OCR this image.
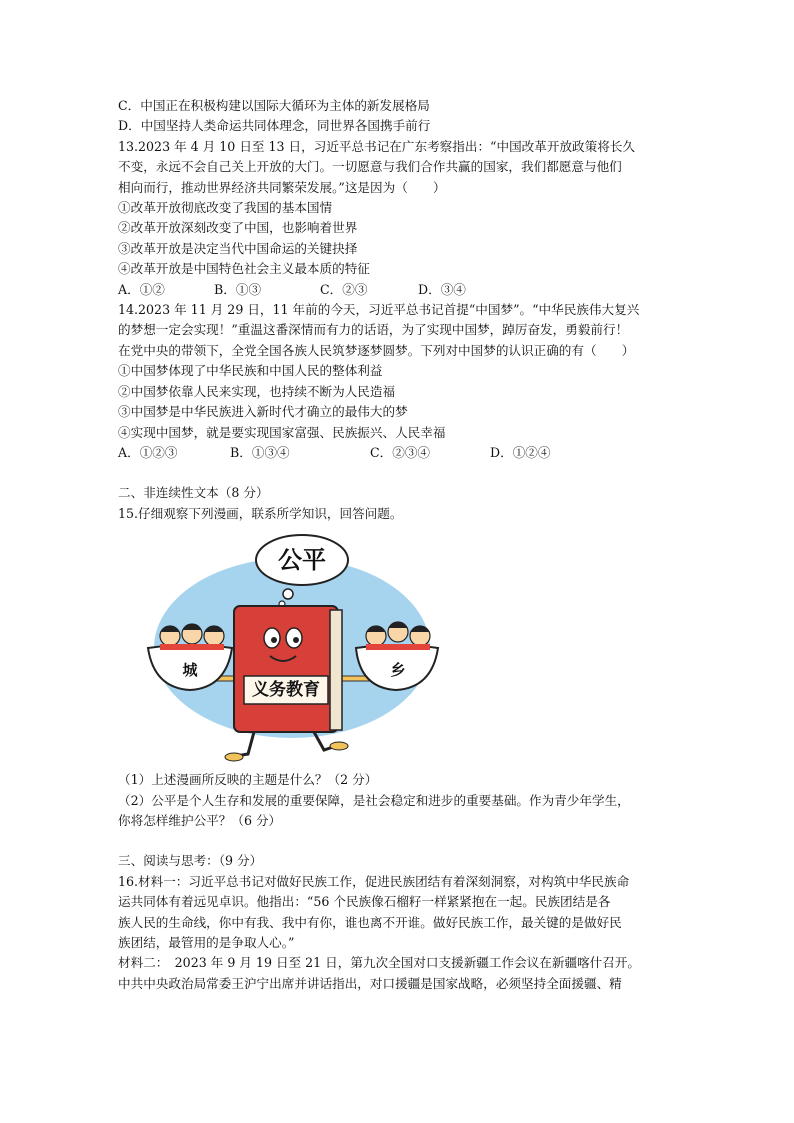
C．中国正在积极构建以国际大循环为主体的新发展格局

D．中国坚持人类命运共同体理念，同世界各国携手前行

13.2023 年 4 月 10 日至 13 日，习近平总书记在广东考察指出：“中国改革开放政策将长久

不变，永远不会自己关上开放的大门。一切愿意与我们合作共赢的国家，我们都愿意与他们

相向而行，推动世界经济共同繁荣发展。”这是因为（　　）

①改革开放彻底改变了我国的基本国情

②改革开放深刻改变了中国，也影响着世界

③改革开放是决定当代中国命运的关键抉择

④改革开放是中国特色社会主义最本质的特征

A．①②	B．①③	C．②③	D．③④

14.2023 年 11 月 29 日，11 年前的今天，习近平总书记首提“中国梦”。“中华民族伟大复兴

的梦想一定会实现！”重温这番深情而有力的话语，为了实现中国梦，踔厉奋发，勇毅前行！

在党中央的带领下，全党全国各族人民筑梦逐梦圆梦。下列对中国梦的认识正确的有（　　）

①中国梦体现了中华民族和中国人民的整体利益

②中国梦依靠人民来实现，也持续不断为人民造福

③中国梦是中华民族进入新时代才确立的最伟大的梦

④实现中国梦，就是要实现国家富强、民族振兴、人民幸福

A．①②③	B．①③④	C．②③④	D．①②④

二、非连续性文本（8 分）

15.仔细观察下列漫画，联系所学知识，回答问题。

公平
义务教育
城	乡

（1）上述漫画所反映的主题是什么？（2 分）

（2）公平是个人生存和发展的重要保障，是社会稳定和进步的重要基础。作为青少年学生，

你将怎样维护公平？（6 分）

三、阅读与思考：（9 分）

16.材料一：习近平总书记对做好民族工作，促进民族团结有着深刻洞察，对构筑中华民族命

运共同体有着远见卓识。他指出：“56 个民族像石榴籽一样紧紧抱在一起。民族团结是各

族人民的生命线，你中有我、我中有你，谁也离不开谁。做好民族工作，最关键的是做好民

族团结，最管用的是争取人心。”

材料二：　2023 年 9 月 19 日至 21 日，第九次全国对口支援新疆工作会议在新疆喀什召开。

中共中央政治局常委王沪宁出席并讲话指出，对口援疆是国家战略，必须坚持全面援疆、精
